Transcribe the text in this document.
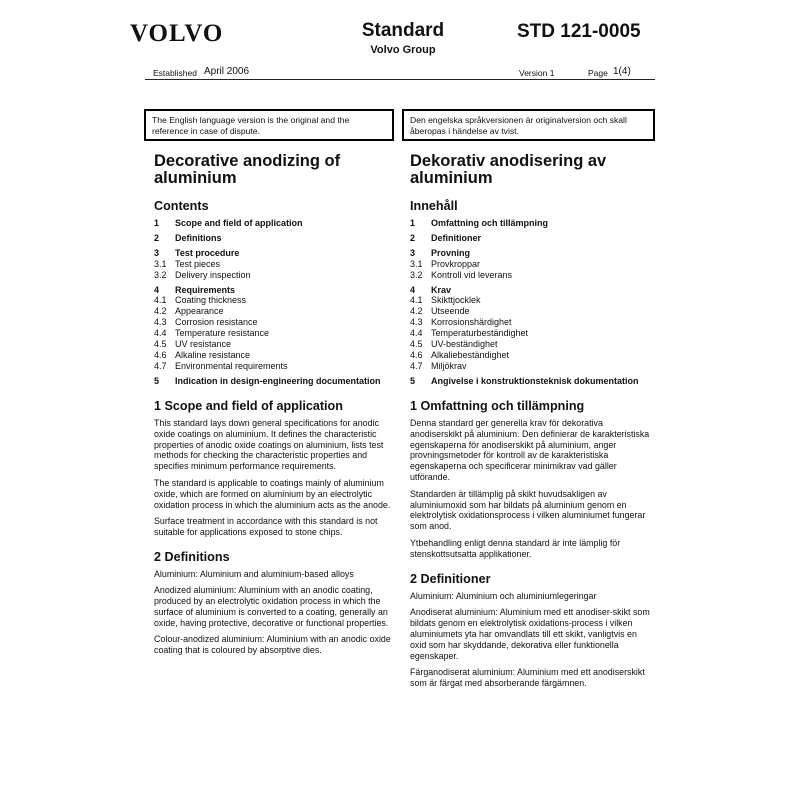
VOLVO	Standard
Volvo Group
STD 121-0005
Established April 2006	Version 1	Page 1(4)
The English language version is the original and the reference in case of dispute.
Den engelska språkversionen är originalversion och skall åberopas i händelse av tvist.
Decorative anodizing of aluminium
Contents
1	Scope and field of application
2	Definitions
3	Test procedure
3.1 Test pieces
3.2 Delivery inspection
4	Requirements
4.1 Coating thickness
4.2 Appearance
4.3 Corrosion resistance
4.4 Temperature resistance
4.5 UV resistance
4.6 Alkaline resistance
4.7 Environmental requirements
5	Indication in design-engineering documentation
1 Scope and field of application

This standard lays down general specifications for anodic oxide coatings on aluminium. It defines the characteristic properties of anodic oxide coatings on aluminium, lists test methods for checking the characteristic properties and specifies minimum performance requirements.

The standard is applicable to coatings mainly of aluminium oxide, which are formed on aluminium by an electrolytic oxidation process in which the aluminium acts as the anode.

Surface treatment in accordance with this standard is not suitable for applications exposed to stone chips.

2 Definitions

Aluminium: Aluminium and aluminium-based alloys

Anodized aluminium: Aluminium with an anodic coating, produced by an electrolytic oxidation process in which the surface of aluminium is converted to a coating, generally an oxide, having protective, decorative or functional properties.

Colour-anodized aluminium: Aluminium with an anodic oxide coating that is coloured by absorptive dies.

Dekorativ anodisering av aluminium
Innehåll
1	Omfattning och tillämpning
2	Definitioner
3	Provning
3.1 Provkroppar
3.2 Kontroll vid leverans
4	Krav
4.1 Skikttjocklek
4.2 Utseende
4.3 Korrosionshärdighet
4.4 Temperaturbeständighet
4.5 UV-beständighet
4.6 Alkaliebeständighet
4.7 Miljökrav
5	Angivelse i konstruktionsteknisk dokumentation
1 Omfattning och tillämpning

Denna standard ger generella krav för dekorativa anodiserskikt på aluminium. Den definierar de karakteristiska egenskaperna för anodiserskikt på aluminium, anger provningsmetoder för kontroll av de karakteristiska egenskaperna och specificerar minimikrav vad gäller utförande.

Standarden är tillämplig på skikt huvudsakligen av aluminiumoxid som har bildats på aluminium genom en elektrolytisk oxidationsprocess i vilken aluminiumet fungerar som anod.

Ytbehandling enligt denna standard är inte lämplig för stenskottsutsatta applikationer.

2 Definitioner

Aluminium: Aluminium och aluminiumlegeringar

Anodiserat aluminium: Aluminium med ett anodiser-skikt som bildats genom en elektrolytisk oxidations-process i vilken aluminiumets yta har omvandlats till ett skikt, vanligtvis en oxid som har skyddande, dekorativa eller funktionella egenskaper.

Färganodiserat aluminium: Aluminium med ett anodiserskikt som är färgat med absorberande färgämnen.
